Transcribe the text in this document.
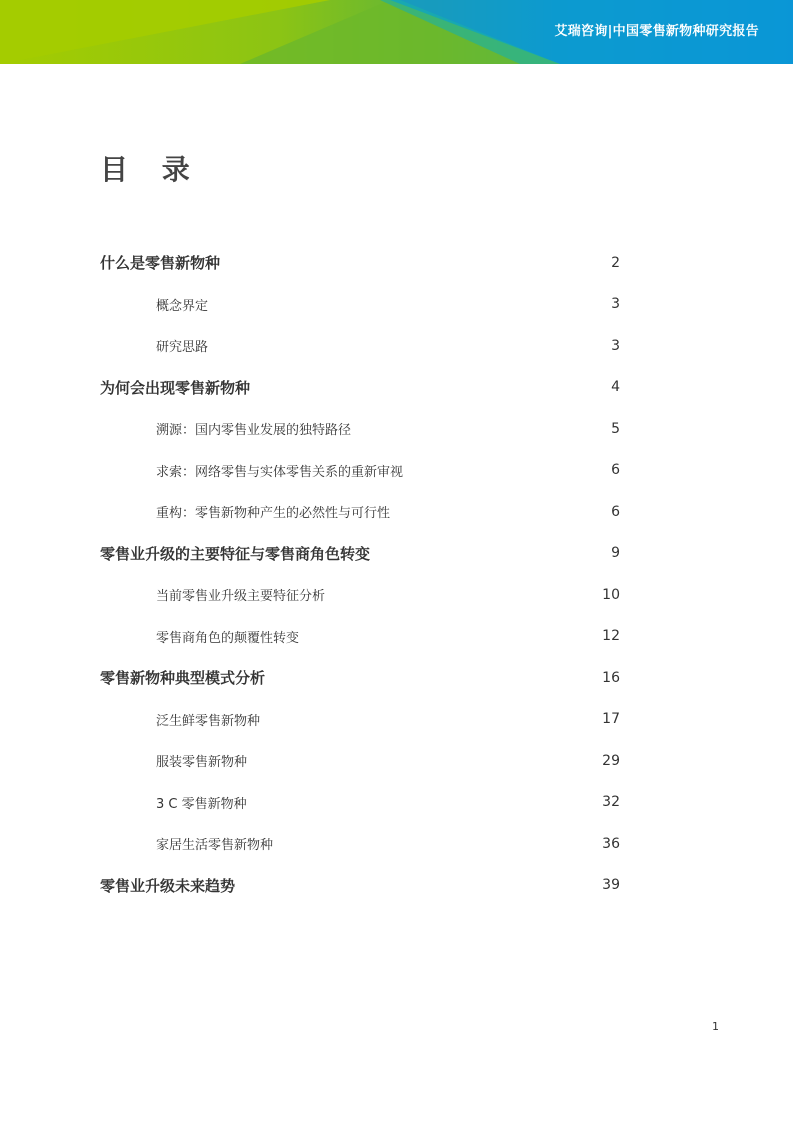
艾瑞咨询|中国零售新物种研究报告
目 录
什么是零售新物种	2
概念界定	3
研究思路	3
为何会出现零售新物种	4
溯源：国内零售业发展的独特路径	5
求索：网络零售与实体零售关系的重新审视	6
重构：零售新物种产生的必然性与可行性	6
零售业升级的主要特征与零售商角色转变	9
当前零售业升级主要特征分析	10
零售商角色的颠覆性转变	12
零售新物种典型模式分析	16
泛生鲜零售新物种	17
服装零售新物种	29
3 C 零售新物种	32
家居生活零售新物种	36
零售业升级未来趋势	39
1
